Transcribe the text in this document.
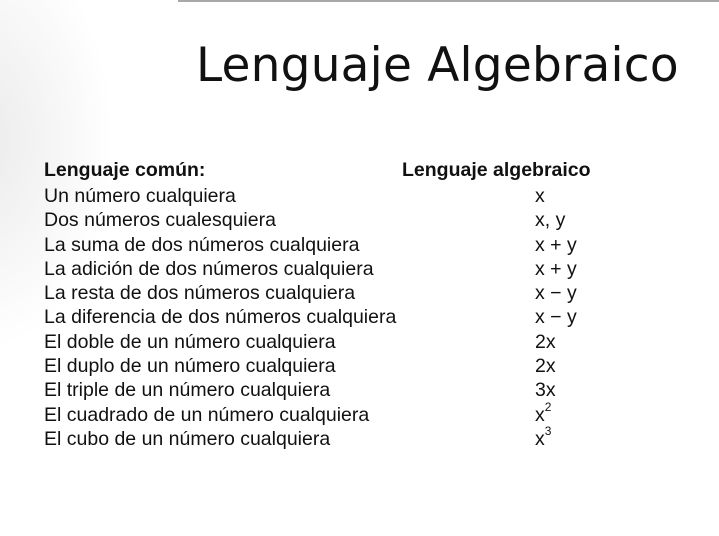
Lenguaje Algebraico
Lenguaje común:	Lenguaje algebraico
Un número cualquiera	x
Dos números cualesquiera	x, y
La suma de dos números cualquiera	x + y
La adición de dos números cualquiera	x + y
La resta de dos números cualquiera	x − y
La diferencia de dos números cualquiera	x − y
El doble de un número cualquiera	2x
El duplo de un número cualquiera	2x
El triple de un número cualquiera	3x
El cuadrado de un número cualquiera	$x^2$
El cubo de un número cualquiera	$x^3$
